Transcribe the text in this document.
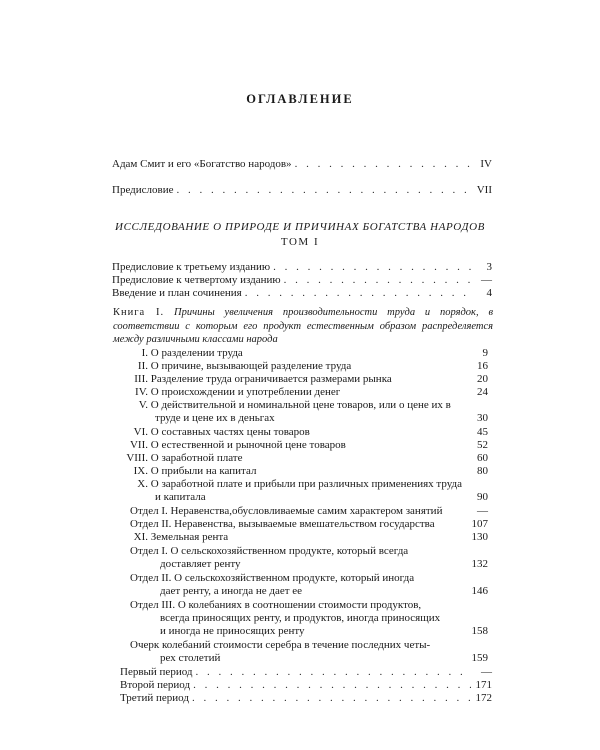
ОГЛАВЛЕНИЕ
Адам Смит и его «Богатство народов» . . .	IV
Предисловие . . .	VII
ИССЛЕДОВАНИЕ О ПРИРОДЕ И ПРИЧИНАХ БОГАТСТВА НАРОДОВ
ТОМ I
Предисловие к третьему изданию . . .	3
Предисловие к четвертому изданию . . .	—
Введение и план сочинения . . .	4
Книга I. Причины увеличения производительности труда и порядок, в соответствии с которым его продукт естественным образом распределяется между различными классами народа
I. О разделении труда	9
II. О причине, вызывающей разделение труда	16
III. Разделение труда ограничивается размерами рынка	20
IV. О происхождении и употреблении денег	24
V. О действительной и номинальной цене товаров, или о цене их в
труде и цене их в деньгах	30
VI. О составных частях цены товаров	45
VII. О естественной и рыночной цене товаров	52
VIII. О заработной плате	60
IX. О прибыли на капитал	80
X. О заработной плате и прибыли при различных применениях труда
и капитала	90
Отдел I. Неравенства,обусловливаемые самим характером занятий	—
Отдел II. Неравенства, вызываемые вмешательством государства	107
XI. Земельная рента	130
Отдел I. О сельскохозяйственном продукте, который всегда
доставляет ренту	132
Отдел II. О сельскохозяйственном продукте, который иногда
дает ренту, а иногда не дает ее	146
Отдел III. О колебаниях в соотношении стоимости продуктов,
всегда приносящих ренту, и продуктов, иногда приносящих
и иногда не приносящих ренту	158
Очерк колебаний стоимости серебра в течение последних четы-
рех столетий	159
Первый период . . .	—
Второй период . . .	171
Третий период . . .	172
